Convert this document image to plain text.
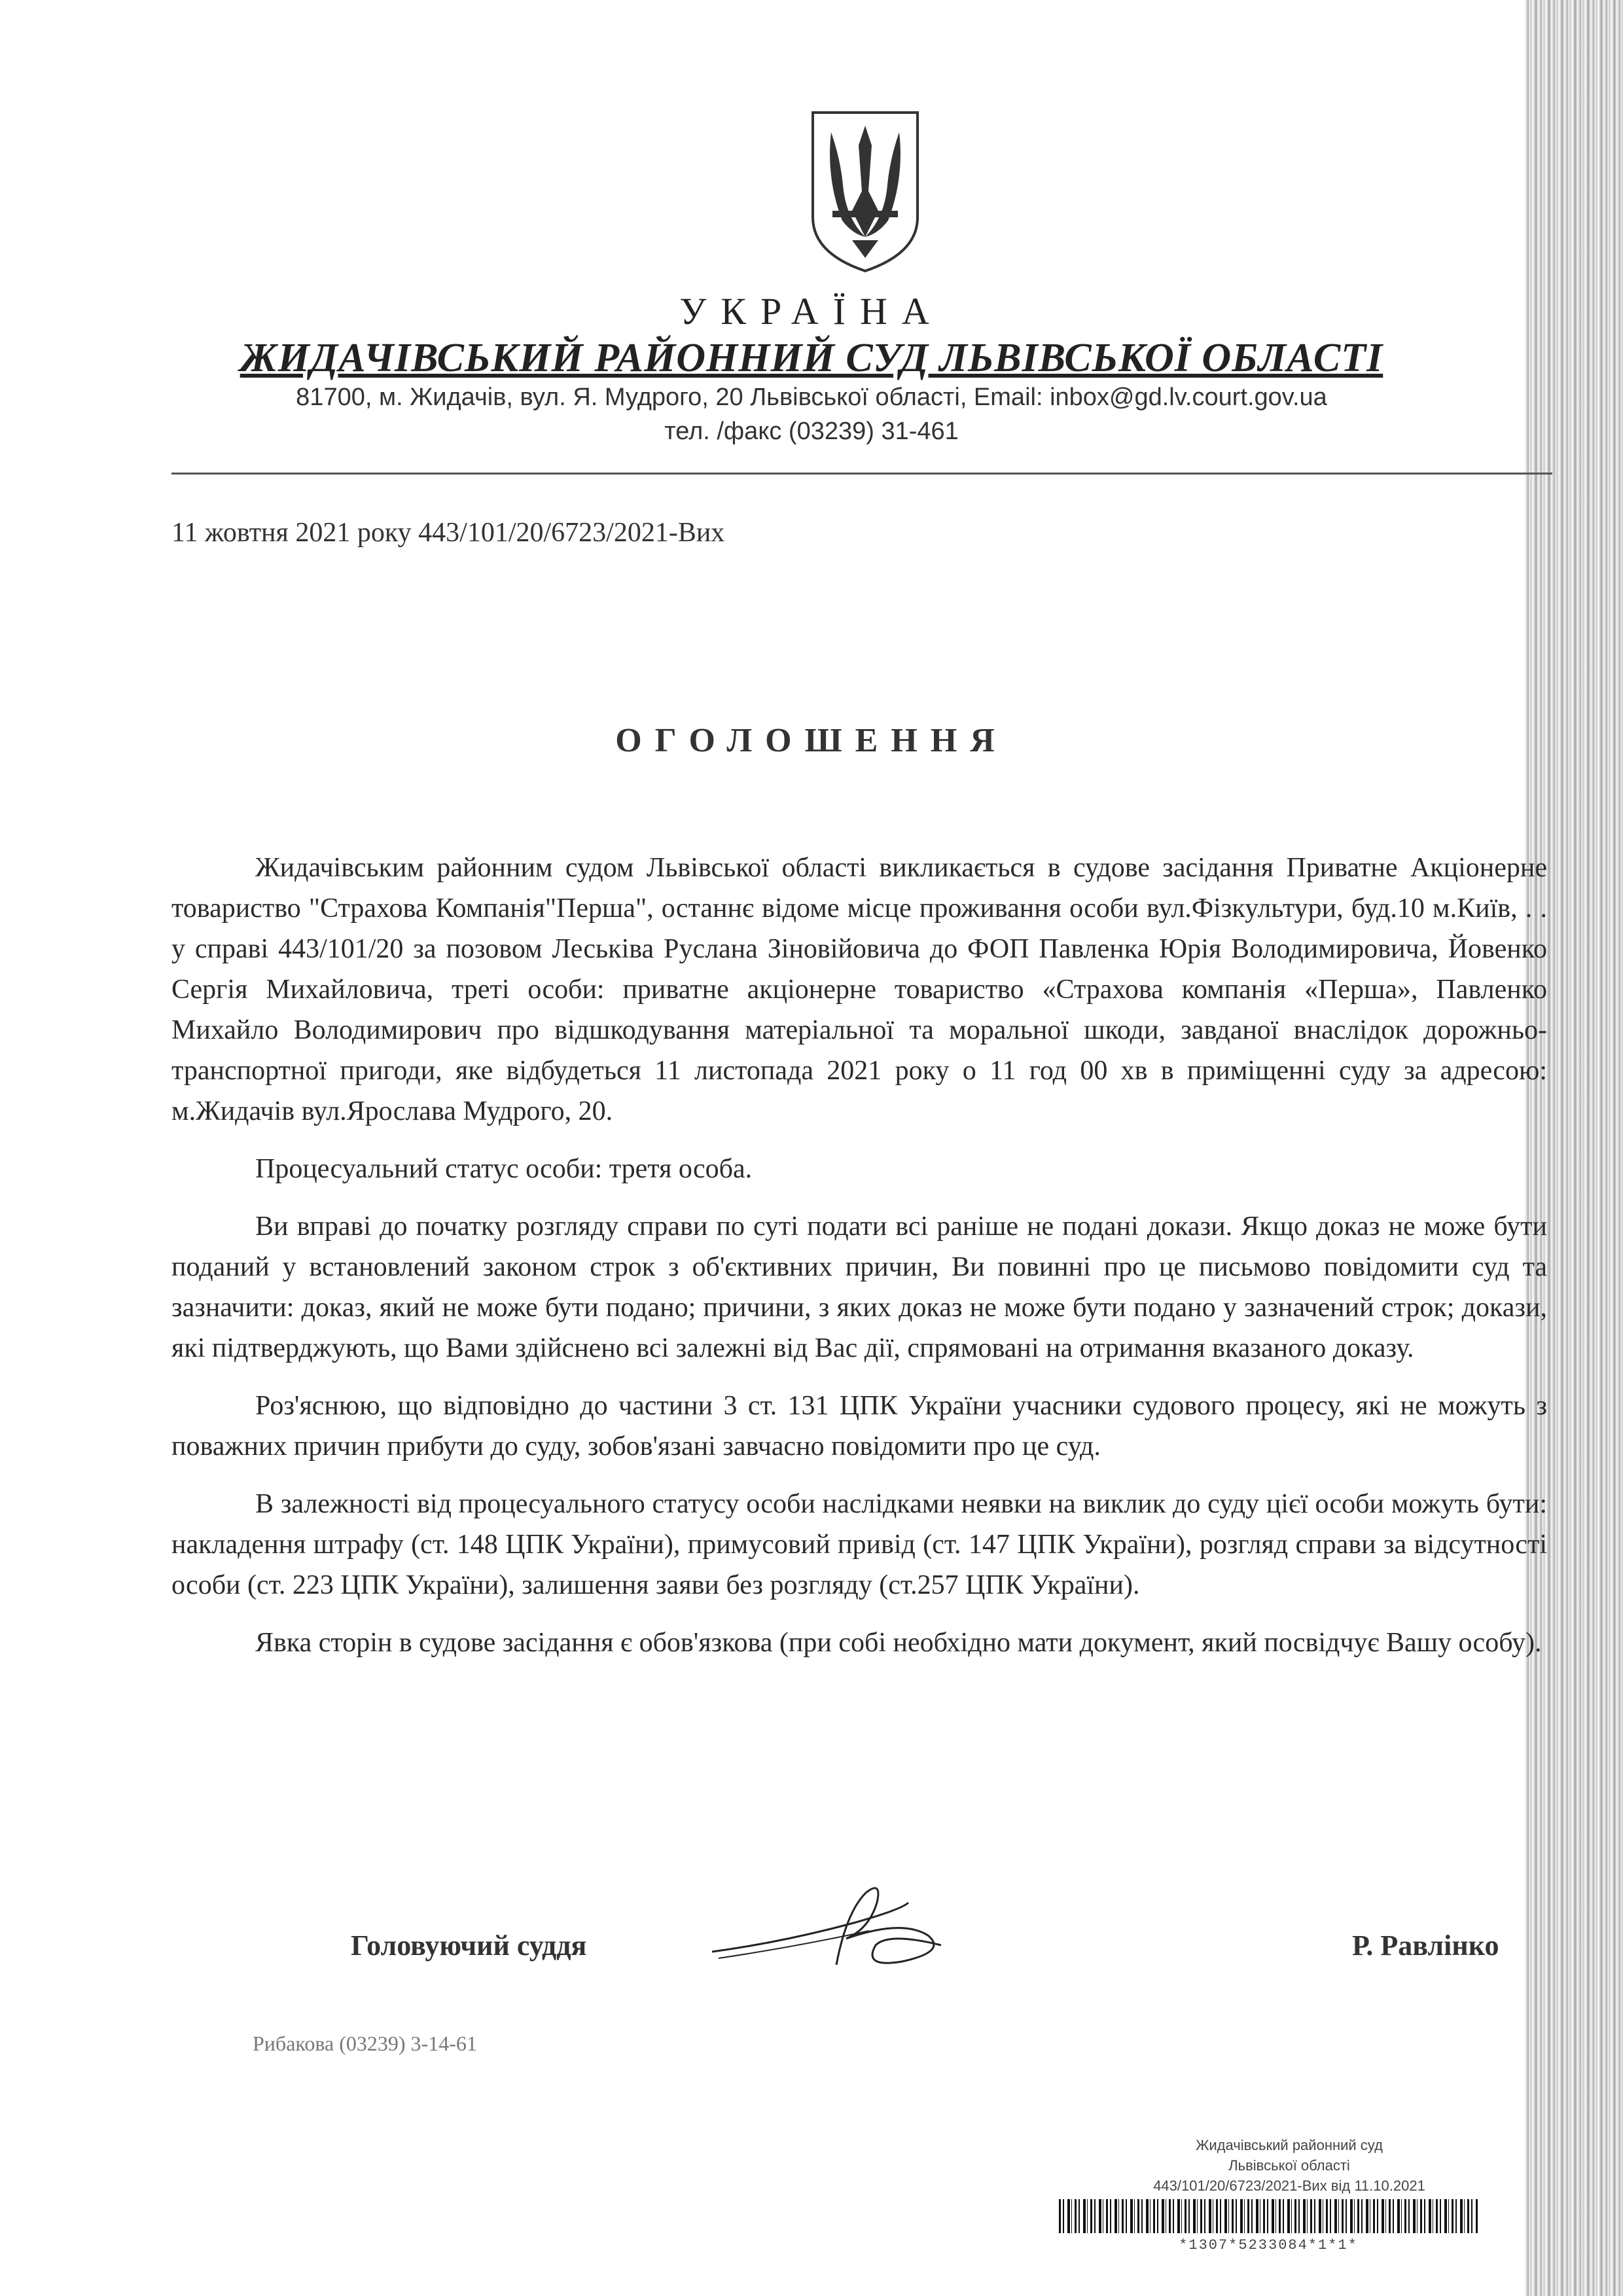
УКРАЇНА
ЖИДАЧІВСЬКИЙ РАЙОННИЙ СУД ЛЬВІВСЬКОЇ ОБЛАСТІ
81700, м. Жидачів, вул. Я. Мудрого, 20 Львівської області, Email: inbox@gd.lv.court.gov.ua
тел. /факс (03239) 31-461
11 жовтня 2021 року 443/101/20/6723/2021-Вих
ОГОЛОШЕННЯ

Жидачівським районним судом Львівської області викликається в судове засідання Приватне Акціонерне товариство "Страхова Компанія"Перша", останнє відоме місце проживання особи вул.Фізкультури, буд.10 м.Київ, . . у справі 443/101/20 за позовом Леськіва Руслана Зіновійовича до ФОП Павленка Юрія Володимировича, Йовенко Сергія Михайловича, треті особи: приватне акціонерне товариство «Страхова компанія «Перша», Павленко Михайло Володимирович про відшкодування матеріальної та моральної шкоди, завданої внаслідок дорожньо-транспортної пригоди, яке відбудеться 11 листопада 2021 року о 11 год 00 хв в приміщенні суду за адресою: м.Жидачів вул.Ярослава Мудрого, 20.

Процесуальний статус особи: третя особа.

Ви вправі до початку розгляду справи по суті подати всі раніше не подані докази. Якщо доказ не може бути поданий у встановлений законом строк з об'єктивних причин, Ви повинні про це письмово повідомити суд та зазначити: доказ, який не може бути подано; причини, з яких доказ не може бути подано у зазначений строк; докази, які підтверджують, що Вами здійснено всі залежні від Вас дії, спрямовані на отримання вказаного доказу.

Роз'яснюю, що відповідно до частини 3 ст. 131 ЦПК України учасники судового процесу, які не можуть з поважних причин прибути до суду, зобов'язані завчасно повідомити про це суд.

В залежності від процесуального статусу особи наслідками неявки на виклик до суду цієї особи можуть бути: накладення штрафу (ст. 148 ЦПК України), примусовий привід (ст. 147 ЦПК України), розгляд справи за відсутності особи (ст. 223 ЦПК України), залишення заяви без розгляду (ст.257 ЦПК України).

Явка сторін в судове засідання є обов'язкова (при собі необхідно мати документ, який посвідчує Вашу особу).

Головуючий суддя	Р. Равлінко
Рибакова (03239) 3-14-61
Жидачівський районний суд
Львівської області
443/101/20/6723/2021-Вих від 11.10.2021
*1307*5233084*1*1*
